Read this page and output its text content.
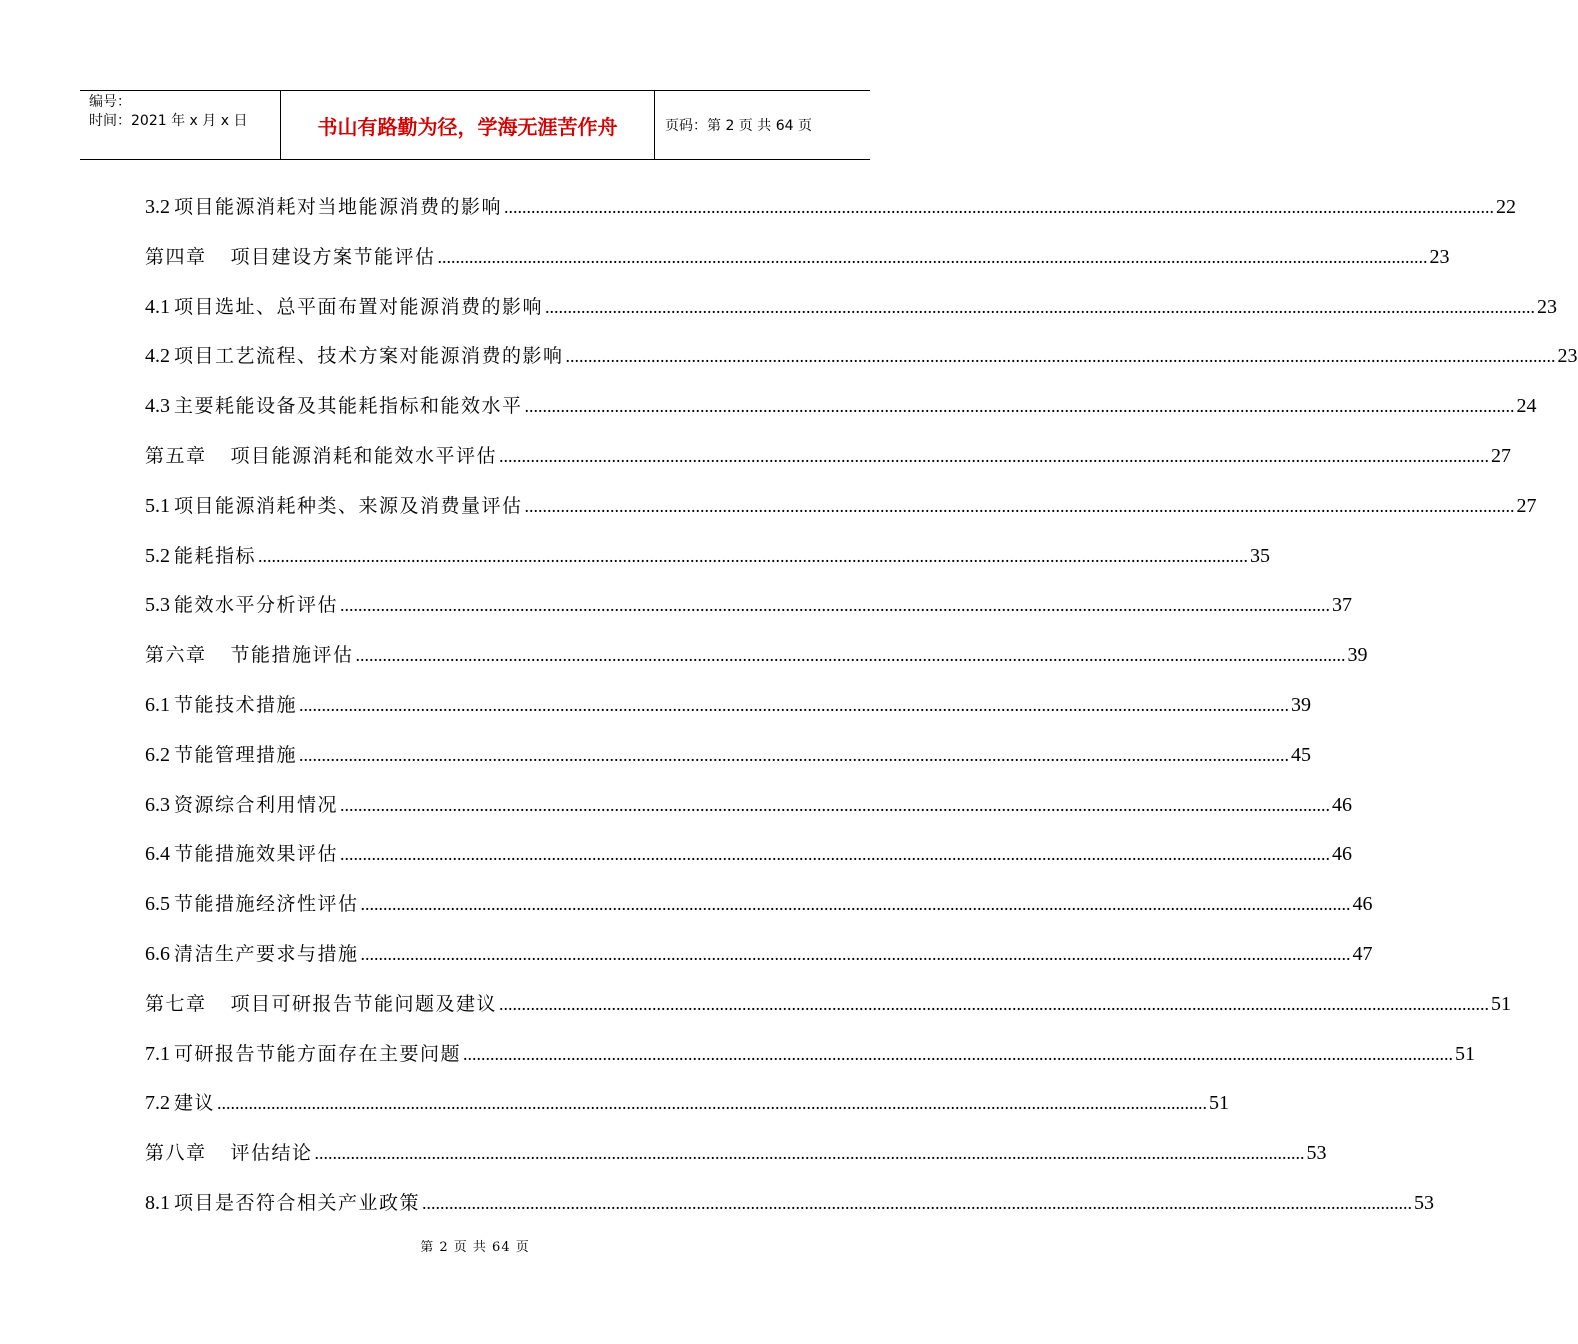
编号：
时间：2021 年 x 月 x 日	书山有路勤为径，学海无涯苦作舟	页码：第 2 页 共 64 页
3.2 项目能源消耗对当地能源消费的影响 ............................................................................................................................................................................................................................ 22
第四章 项目建设方案节能评估 ............................................................................................................................................................................................................................ 23
4.1 项目选址、总平面布置对能源消费的影响 ............................................................................................................................................................................................................................ 23
4.2 项目工艺流程、技术方案对能源消费的影响 ............................................................................................................................................................................................................................ 23
4.3 主要耗能设备及其能耗指标和能效水平 ............................................................................................................................................................................................................................ 24
第五章 项目能源消耗和能效水平评估 ............................................................................................................................................................................................................................ 27
5.1 项目能源消耗种类、来源及消费量评估 ............................................................................................................................................................................................................................ 27
5.2 能耗指标 ............................................................................................................................................................................................................................ 35
5.3 能效水平分析评估 ............................................................................................................................................................................................................................ 37
第六章 节能措施评估 ............................................................................................................................................................................................................................ 39
6.1 节能技术措施 ............................................................................................................................................................................................................................ 39
6.2 节能管理措施 ............................................................................................................................................................................................................................ 45
6.3 资源综合利用情况 ............................................................................................................................................................................................................................ 46
6.4 节能措施效果评估 ............................................................................................................................................................................................................................ 46
6.5 节能措施经济性评估 ............................................................................................................................................................................................................................ 46
6.6 清洁生产要求与措施 ............................................................................................................................................................................................................................ 47
第七章 项目可研报告节能问题及建议 ............................................................................................................................................................................................................................ 51
7.1 可研报告节能方面存在主要问题 ............................................................................................................................................................................................................................ 51
7.2 建议 ............................................................................................................................................................................................................................ 51
第八章 评估结论 ............................................................................................................................................................................................................................ 53
8.1 项目是否符合相关产业政策 ............................................................................................................................................................................................................................ 53
第 2 页 共 64 页
